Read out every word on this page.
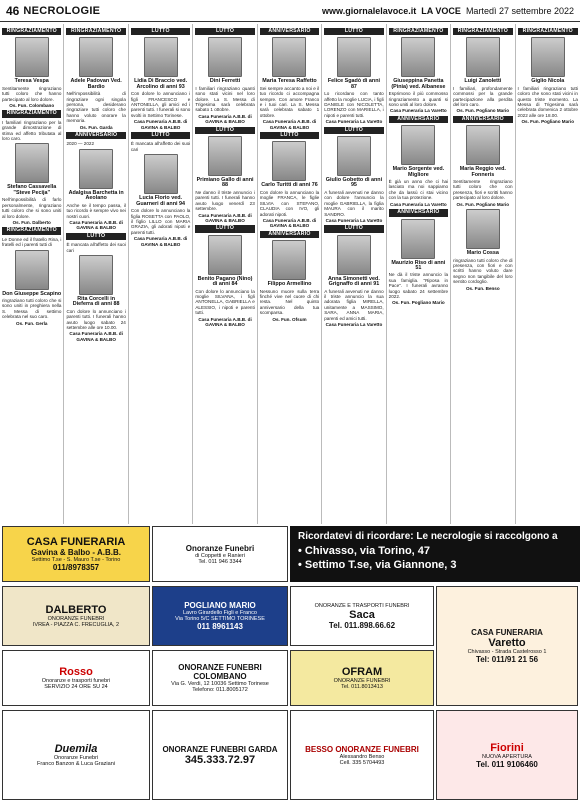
46 NECROLOGIE	www.giornalelavoce.it LA VOCE Martedì 27 settembre 2022
RINGRAZIAMENTO
Teresa Vespa
Sentitamente ringraziano tutti coloro che hanno partecipato al loro dolore.
Os. Fun. Colombano
RINGRAZIAMENTO
I familiari ringraziano per la grande dimostrazione di stima ed affetto tributata al loro caro.
Stefano Cassavella "Steve Pecija"
Nell'impossibilità di farlo personalmente, ringraziano tutti coloro che si sono uniti al loro dolore.
Os. Fun. Dalberto
RINGRAZIAMENTO
Le Donne ed il fratello Rina, i fratelli ed i parenti tutti di
Don Giuseppe Scapino
ringraziano tutti coloro che si sono uniti in preghiera nella S. Messa di settimo celebrata nel suo caro.
Os. Fun. Gerla
RINGRAZIAMENTO
Adele Padovan Ved. Bardio
Nell'impossibilità di ringraziare ogni singola persona, desiderano ringraziare tutti coloro che hanno voluto onorare la memoria.
Os. Fun. Garda
ANNIVERSARIO
2020 — 2022
Adalgisa Barchetta in Aeolano
Anche se il tempo passa, il tuo ricordo è sempre vivo nei nostri cuori.
Casa Funeraria A.B.B. di GAVINA & BALBO
LUTTO
È mancata all'affetto dei suoi cari
Rita Corcelli in Dieferra di anni 88
Con dolore lo annunciano i parenti tutti. I funerali hanno avuto luogo sabato 24 settembre alle ore 10.00.
Casa Funeraria A.B.B. di GAVINA & BALBO
LUTTO
Lidia Di Braccio ved. Arcolino di anni 93
Con dolore lo annunciano i figli FRANCESCO e ANTONELLA, gli amici ed i parenti tutti. I funerali si sono svolti in Settimo Torinese.
Casa Funeraria A.B.B. di GAVINA & BALBO
LUTTO
È mancata all'affetto dei suoi cari
Lucia Florio ved. Guarneri di anni 94
Con dolore lo annunciano la figlia ROSETTA con PAOLO, il figlio LILLO con MARIA GRAZIA, gli adorati nipoti e parenti tutti.
Casa Funeraria A.B.B. di GAVINA & BALBO
LUTTO
Dini Ferretti
I familiari ringraziano quanti sono stati vicini nel loro dolore. La S. Messa di Trigesima sarà celebrata sabato 1 ottobre.
Casa Funeraria A.B.B. di GAVINA & BALBO
LUTTO
Primiano Gallo di anni 88
Ne danno il triste annuncio i parenti tutti. I funerali hanno avuto luogo venerdì 23 settembre.
Casa Funeraria A.B.B. di GAVINA & BALBO
LUTTO
Benito Pagano (Nino) di anni 84
Con dolore lo annunciano la moglie SILVANA, i figli ANTONELLA, GABRIELLA e ALESSIO, i nipoti e parenti tutti.
Casa Funeraria A.B.B. di GAVINA & BALBO
ANNIVERSARIO
Maria Teresa Raffetto
Sei sempre accanto a noi e il tuo ricordo ci accompagna sempre. Con amore Franco e i tuoi cari. La S. Messa sarà celebrata sabato 1 ottobre.
Casa Funeraria A.B.B. di GAVINA & BALBO
LUTTO
Carlo Turitti di anni 76
Con dolore lo annunciano la moglie FRANCA, le figlie SILVIA con STEFANO, CLAUDIA con IVO, gli adorati nipoti.
Casa Funeraria A.B.B. di GAVINA & BALBO
ANNIVERSARIO
Filippo Armellino
Nessuno muore sulla terra finché vive nel cuore di chi resta. Nel quinto anniversario della tua scomparsa.
Os. Fun. Ofsum
LUTTO
Felice Sgadò di anni 87
Lo ricordano con tanto affetto la moglie LUCIA, i figli DANIELE con NICOLETTA, LORENZO con MARIELLA, i nipoti e parenti tutti.
Casa Funeraria La Varetto
LUTTO
Giulio Gobetto di anni 95
A funerali avvenuti ne danno con dolore l'annuncio la moglie GABRIELLA, la figlia MAURA con il marito SANDRO.
Casa Funeraria La Varetto
LUTTO
Anna Simonetti ved. Grignaffo di anni 91
A funerali avvenuti ne danno il triste annuncio la sua adorata figlia MIRELLA, unitamente a MASSIMO, SARA, ANNA MARIA, parenti ed amici tutti.
Casa Funeraria La Varetto
RINGRAZIAMENTO
Giuseppina Panetta (Pinia) ved. Albanese
Esprimono il più commosso ringraziamento a quanti si sono uniti al loro dolore.
Casa Funeraria La Varetto
ANNIVERSARIO
Mario Sorgente ved. Migliore
È già un anno che ci hai lasciato ma noi sappiamo che da lassù ci stai vicino con la tua protezione.
Casa Funeraria La Varetto
ANNIVERSARIO
Maurizio Riso di anni 51
Ne dà il triste annuncio la sua famiglia. "Riposa in Pace". I funerali avranno luogo sabato 24 settembre 2022.
Os. Fun. Pogliano Mario
RINGRAZIAMENTO
Luigi Zanoletti
I familiari, profondamente commossi per la grande partecipazione alla perdita del loro caro.
Os. Fun. Pogliano Mario
ANNIVERSARIO
Maria Reggio ved. Fonneris
Sentitamente ringraziano tutti coloro che con presenza, fiori e scritti hanno partecipato al loro dolore.
Os. Fun. Pogliano Mario
Mario Cossa
ringraziano tutti coloro che di presenza, con fiori e con scritti hanno voluto dare segno non tangibile del loro sentito cordoglio.
Os. Fun. Benso
RINGRAZIAMENTO
Giglio Nicola
I familiari ringraziano tutti coloro che sono stati vicini in questo triste momento. La Messa di Trigesima sarà celebrata domenica 2 ottobre 2022 alle ore 18.00.
Os. Fun. Pogliano Mario
CASA FUNERARIA
Gavina & Balbo - A.B.B.
Settimo T.se - S. Mauro T.se - Torino
011/8978357
Onoranze Funebri
di Coppetti e Ranieri
Tel. 011 946 3344
Ricordatevi di ricordare: Le necrologie si raccolgono a
• Chivasso, via Torino, 47
• Settimo T.se, via Giannone, 3
DALBERTO
ONORANZE FUNEBRI
IVREA - PIAZZA C. FRECUGLIA, 2
POGLIANO MARIO
Lavro Girardello Figli e Franco
Via Torino 5/C SETTIMO TORINESE
011 8961143
ONORANZE E TRASPORTI FUNEBRI
Saca
Tel. 011.898.66.62
CASA FUNERARIA
Varetto
Chivasso - Strada Castelrosso 1
Tel: 011/91 21 56
Rosso
Onoranze e trasporti funebri
SERVIZIO 24 ORE SU 24
ONORANZE FUNEBRI COLOMBANO
Via G. Verdi, 12 10036 Settimo Torinese
Telefono: 011.8005172
OFRAM
ONORANZE FUNEBRI
Tel. 011.8013413
Duemila
Onoranze Funebri
Franco Banzon & Luca Graziani
ONORANZE FUNEBRI GARDA
345.333.72.97
BESSO ONORANZE FUNEBRI
Alessandro Benso
Cell. 335 5704493
Fiorini
NUOVA APERTURA
Tel. 011 9106460
